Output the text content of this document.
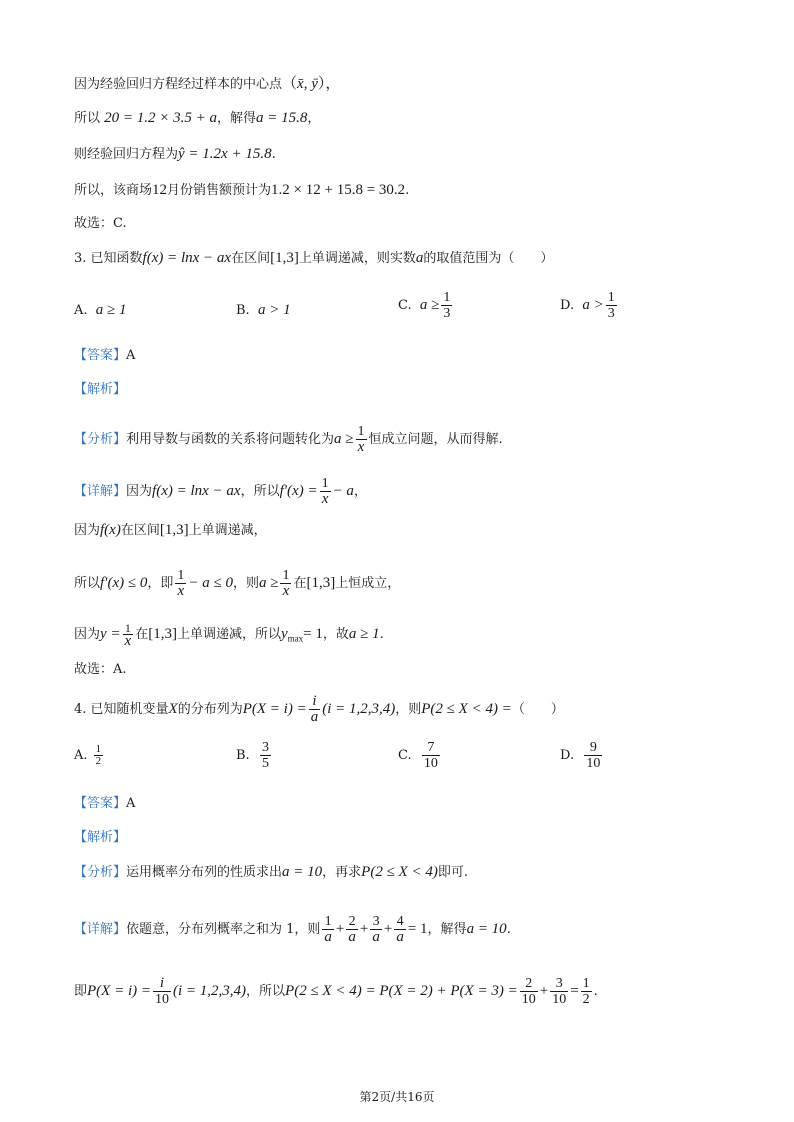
因为经验回归方程经过样本的中心点（x̄, ȳ），
所以 20 = 1.2 × 3.5 + a，解得a = 15.8，
则经验回归方程为ŷ = 1.2x + 15.8.
所以，该商场12月份销售额预计为1.2 × 12 + 15.8 = 30.2.
故选：C.
3. 已知函数f(x) = lnx − ax在区间[1,3]上单调递减，则实数a的取值范围为（　　）
A. a ≥ 1	B. a > 1	C. $a \ge \frac{1}{3}$	D. $a > \frac{1}{3}$
【答案】A
【解析】
【分析】利用导数与函数的关系将问题转化为$a \ge \frac{1}{x}$ 恒成立问题，从而得解.
【详解】因为f(x) = lnx − ax，所以$f'(x) = \frac{1}{x} - a$，
因为f(x)在区间[1,3]上单调递减，
所以f′(x) ≤ 0，即 $\frac{1}{x} - a \le 0$，则$a \ge \frac{1}{x}$ 在[1,3]上恒成立，
因为$y = \frac{1}{x}$ 在[1,3]上单调递减，所以$y_{max}= 1$，故a ≥ 1.
故选：A.
4. 已知随机变量X的分布列为$P(X = i) = \frac{i}{a} (i = 1,2,3,4)$，则P(2 ≤ X < 4) =（　　）
A. $\frac{1}{2}$	B. $\frac{3}{5}$	C. $\frac{7}{10}$	D. $\frac{9}{10}$
【答案】A
【解析】
【分析】运用概率分布列的性质求出a = 10，再求P(2 ≤ X < 4)即可.
【详解】依题意，分布列概率之和为 1，则 $\frac{1}{a} + \frac{2}{a} + \frac{3}{a} + \frac{4}{a} = 1$，解得a = 10.
即$P(X = i) = \frac{i}{10} (i = 1,2,3,4)$，所以$P(2 \le X < 4) = P(X = 2) + P(X = 3) = \frac{2}{10} + \frac{3}{10} = \frac{1}{2}$ .
第2页/共16页
